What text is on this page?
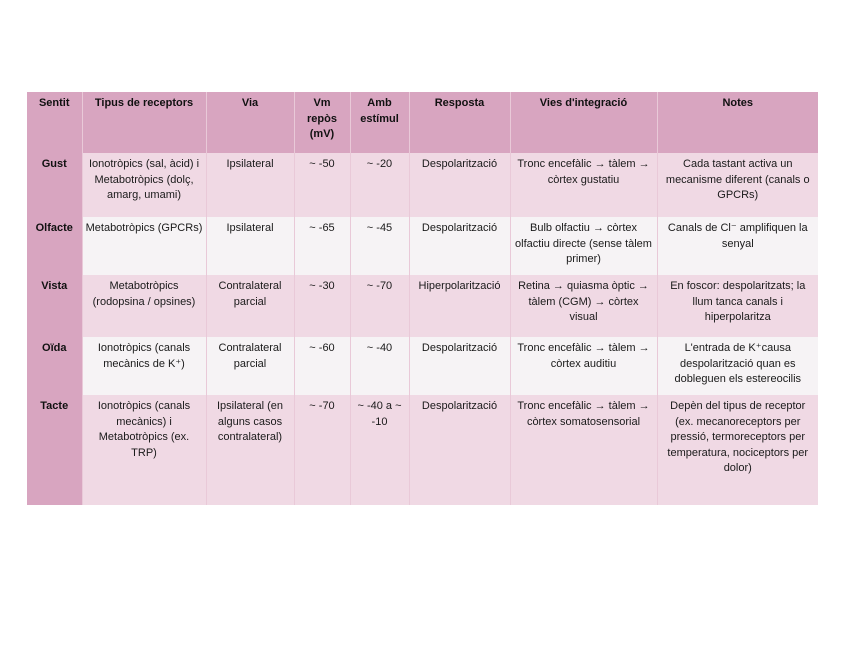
Sentit	Tipus de receptors	Via	Vm repòs (mV)	Amb estímul	Resposta	Vies d'integració	Notes
Gust	Ionotròpics (sal, àcid) i Metabotròpics (dolç, amarg, umami)	Ipsilateral	~ -50	~ -20	Despolarització	Tronc encefàlic → tàlem → còrtex gustatiu	Cada tastant activa un mecanisme diferent (canals o GPCRs)
Olfacte	Metabotròpics (GPCRs)	Ipsilateral	~ -65	~ -45	Despolarització	Bulb olfactiu → còrtex olfactiu directe (sense tàlem primer)	Canals de Cl⁻ amplifiquen la senyal
Vista	Metabotròpics (rodopsina / opsines)	Contralateral parcial	~ -30	~ -70	Hiperpolarització	Retina → quiasma òptic → tàlem (CGM) → còrtex visual	En foscor: despolaritzats; la llum tanca canals i hiperpolaritza
Oïda	Ionotròpics (canals mecànics de K⁺)	Contralateral parcial	~ -60	~ -40	Despolarització	Tronc encefàlic → tàlem → còrtex auditiu	L'entrada de K⁺causa despolarització quan es dobleguen els estereocilis
Tacte	Ionotròpics (canals mecànics) i Metabotròpics (ex. TRP)	Ipsilateral (en alguns casos contralateral)	~ -70	~ -40 a ~ -10	Despolarització	Tronc encefàlic → tàlem → còrtex somatosensorial	Depèn del tipus de receptor (ex. mecanoreceptors per pressió, termoreceptors per temperatura, nociceptors per dolor)
